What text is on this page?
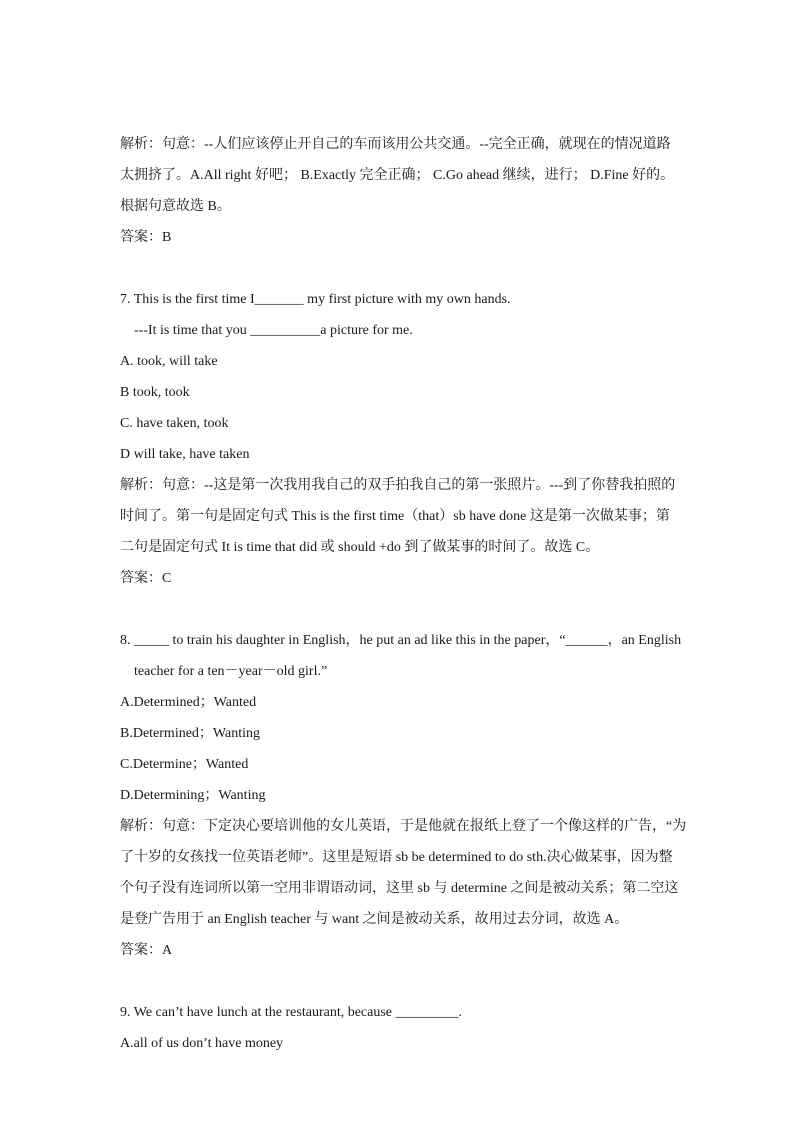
解析：句意：--人们应该停止开自己的车而该用公共交通。--完全正确，就现在的情况道路
太拥挤了。A.All right 好吧； B.Exactly 完全正确； C.Go ahead 继续，进行； D.Fine 好的。
根据句意故选 B。
答案：B
7. This is the first time I_______ my first picture with my own hands.
---It is time that you __________a picture for me.
A. took, will take
B took, took
C. have taken, took
D will take, have taken
解析：句意：--这是第一次我用我自己的双手拍我自己的第一张照片。---到了你替我拍照的
时间了。第一句是固定句式 This is the first time（that）sb have done 这是第一次做某事；第
二句是固定句式 It is time that did 或 should +do 到了做某事的时间了。故选 C。
答案：C
8. _____ to train his daughter in English，he put an ad like this in the paper，“______，an English
teacher for a ten－year－old girl.”
A.Determined；Wanted
B.Determined；Wanting
C.Determine；Wanted
D.Determining；Wanting
解析：句意：下定决心要培训他的女儿英语，于是他就在报纸上登了一个像这样的广告，“为
了十岁的女孩找一位英语老师”。这里是短语 sb be determined to do sth.决心做某事，因为整
个句子没有连词所以第一空用非谓语动词，这里 sb 与 determine 之间是被动关系；第二空这
是登广告用于 an English teacher 与 want 之间是被动关系，故用过去分词，故选 A。
答案：A
9. We can’t have lunch at the restaurant, because _________.
A.all of us don’t have money
